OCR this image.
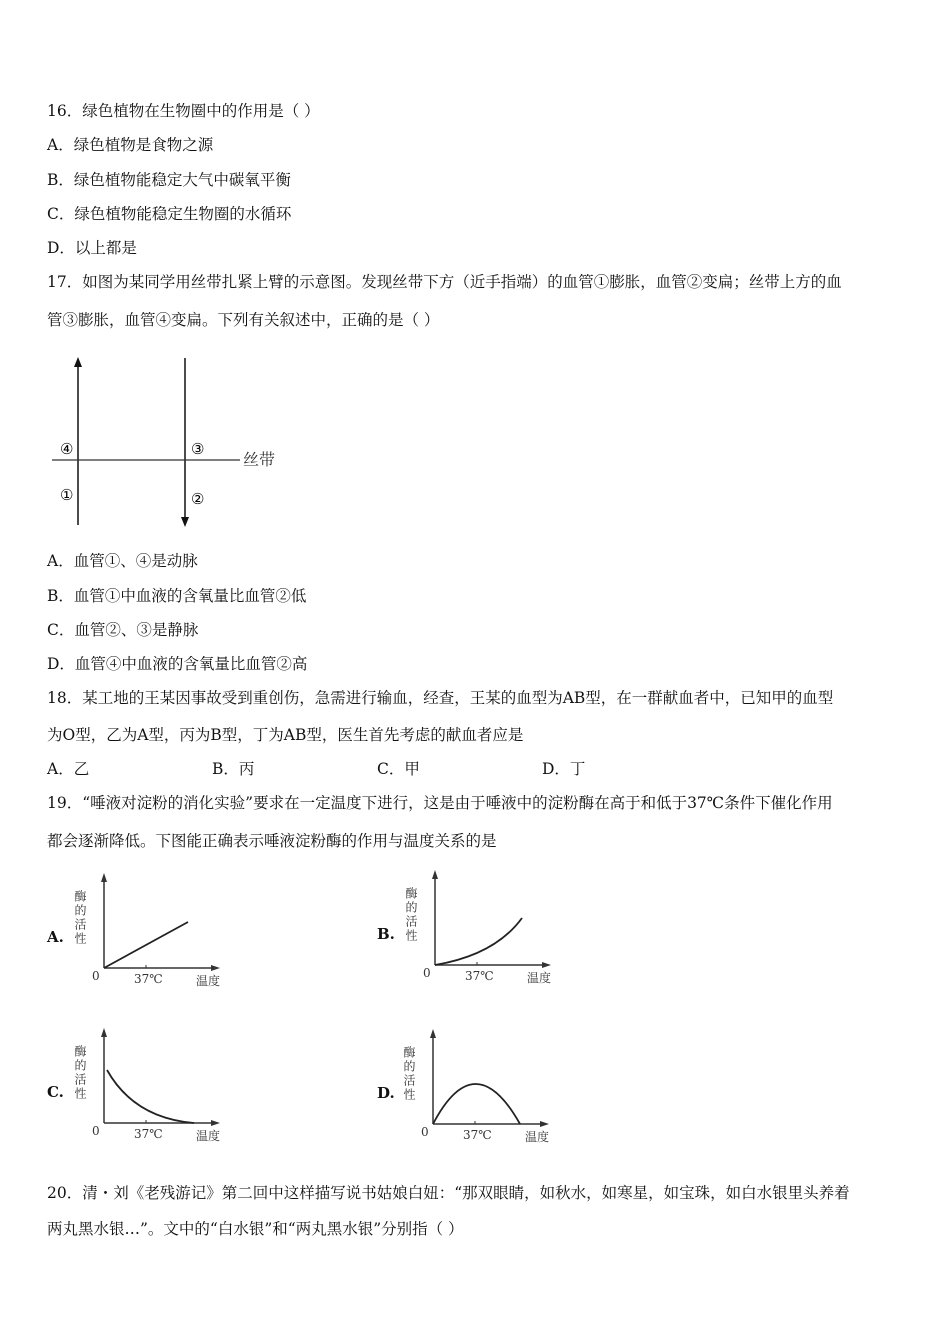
16．绿色植物在生物圈中的作用是（ ）
A．绿色植物是食物之源
B．绿色植物能稳定大气中碳氧平衡
C．绿色植物能稳定生物圈的水循环
D．以上都是
17．如图为某同学用丝带扎紧上臂的示意图。发现丝带下方（近手指端）的血管①膨胀，血管②变扁；丝带上方的血
管③膨胀，血管④变扁。下列有关叙述中，正确的是（ ）
④	③
①	②
丝带
A．血管①、④是动脉
B．血管①中血液的含氧量比血管②低
C．血管②、③是静脉
D．血管④中血液的含氧量比血管②高
18．某工地的王某因事故受到重创伤，急需进行输血，经查，王某的血型为AB型，在一群献血者中，已知甲的血型
为O型，乙为A型，丙为B型，丁为AB型，医生首先考虑的献血者应是
A．乙	B．丙	C．甲	D．丁
19．“唾液对淀粉的消化实验”要求在一定温度下进行，这是由于唾液中的淀粉酶在高于和低于37℃条件下催化作用
都会逐渐降低。下图能正确表示唾液淀粉酶的作用与温度关系的是
A.
0	37℃	温度
酶的活性	B.
0	37℃	温度
酶的活性
C.
0	37℃	温度
酶的活性	D.
0	37℃	温度
酶的活性
20．清・刘《老残游记》第二回中这样描写说书姑娘白妞：“那双眼睛，如秋水，如寒星，如宝珠，如白水银里头养着
两丸黑水银…”。文中的“白水银”和“两丸黑水银”分别指（ ）
